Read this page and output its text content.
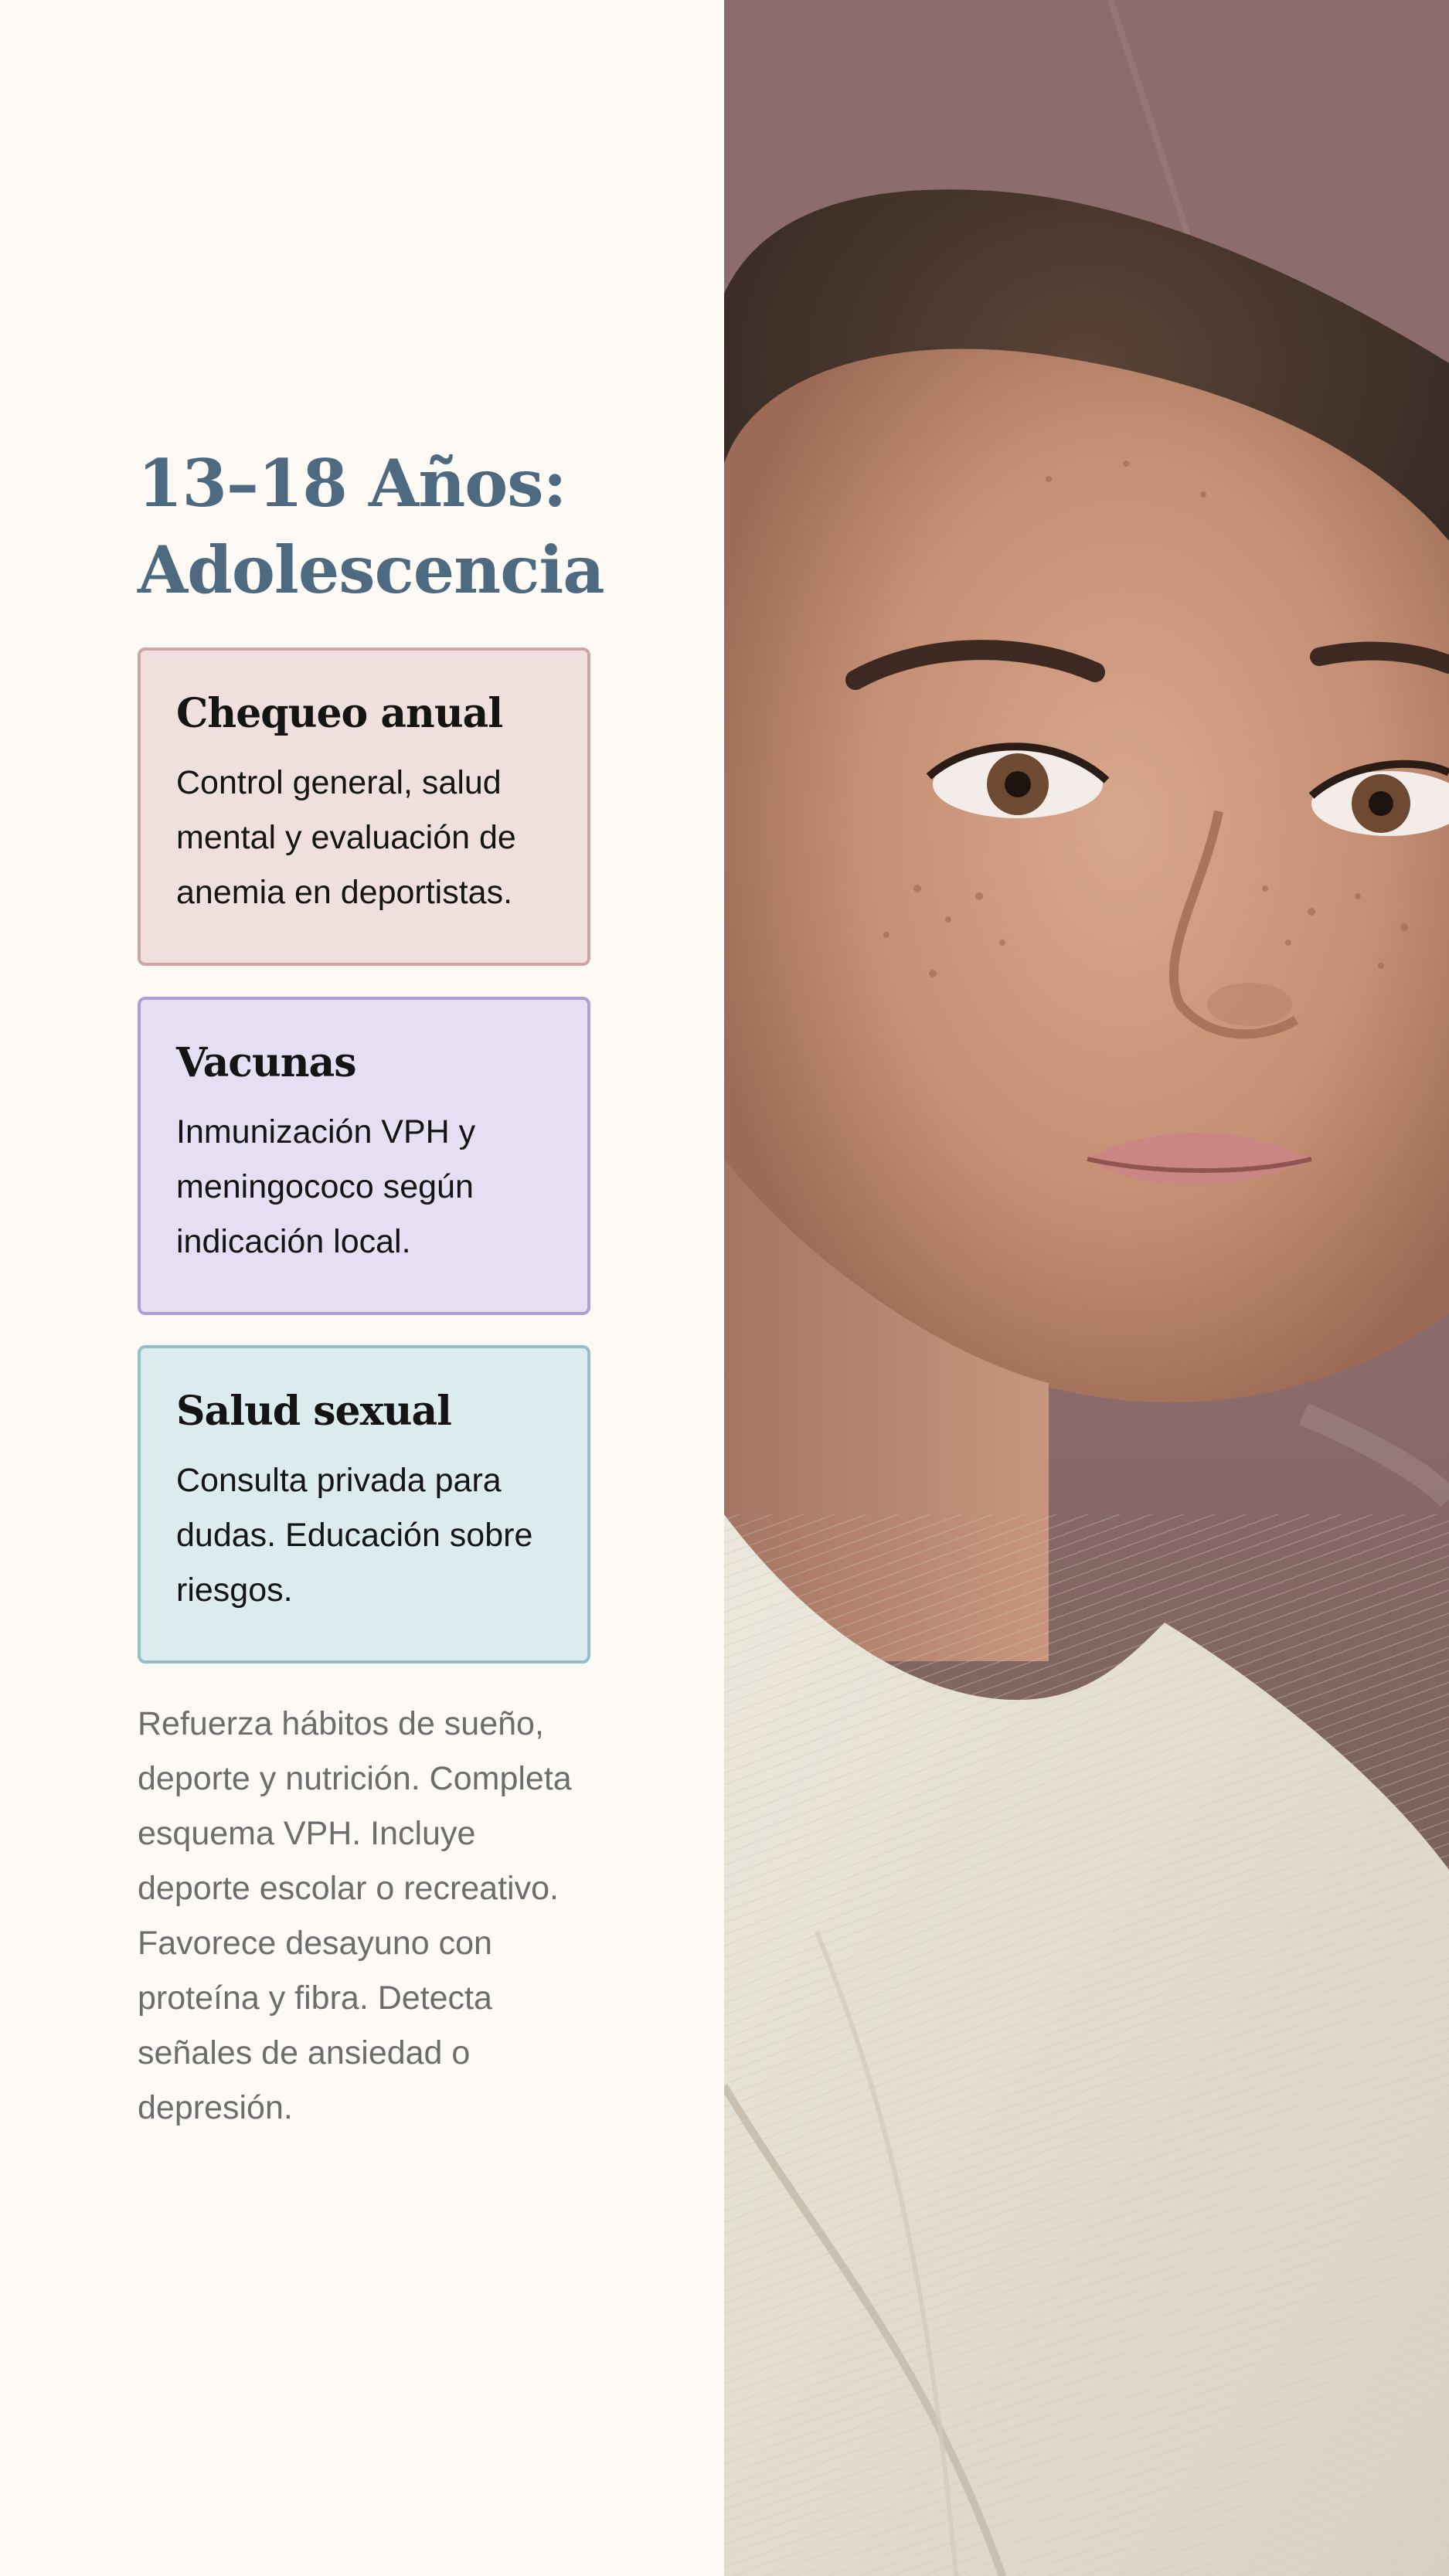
13–18 Años:
Adolescencia
Chequeo anual

Control general, salud mental y evaluación de anemia en deportistas.

Vacunas

Inmunización VPH y meningococo según indicación local.

Salud sexual

Consulta privada para dudas. Educación sobre riesgos.

Refuerza hábitos de sueño, deporte y nutrición. Completa esquema VPH. Incluye deporte escolar o recreativo. Favorece desayuno con proteína y fibra. Detecta señales de ansiedad o depresión.
